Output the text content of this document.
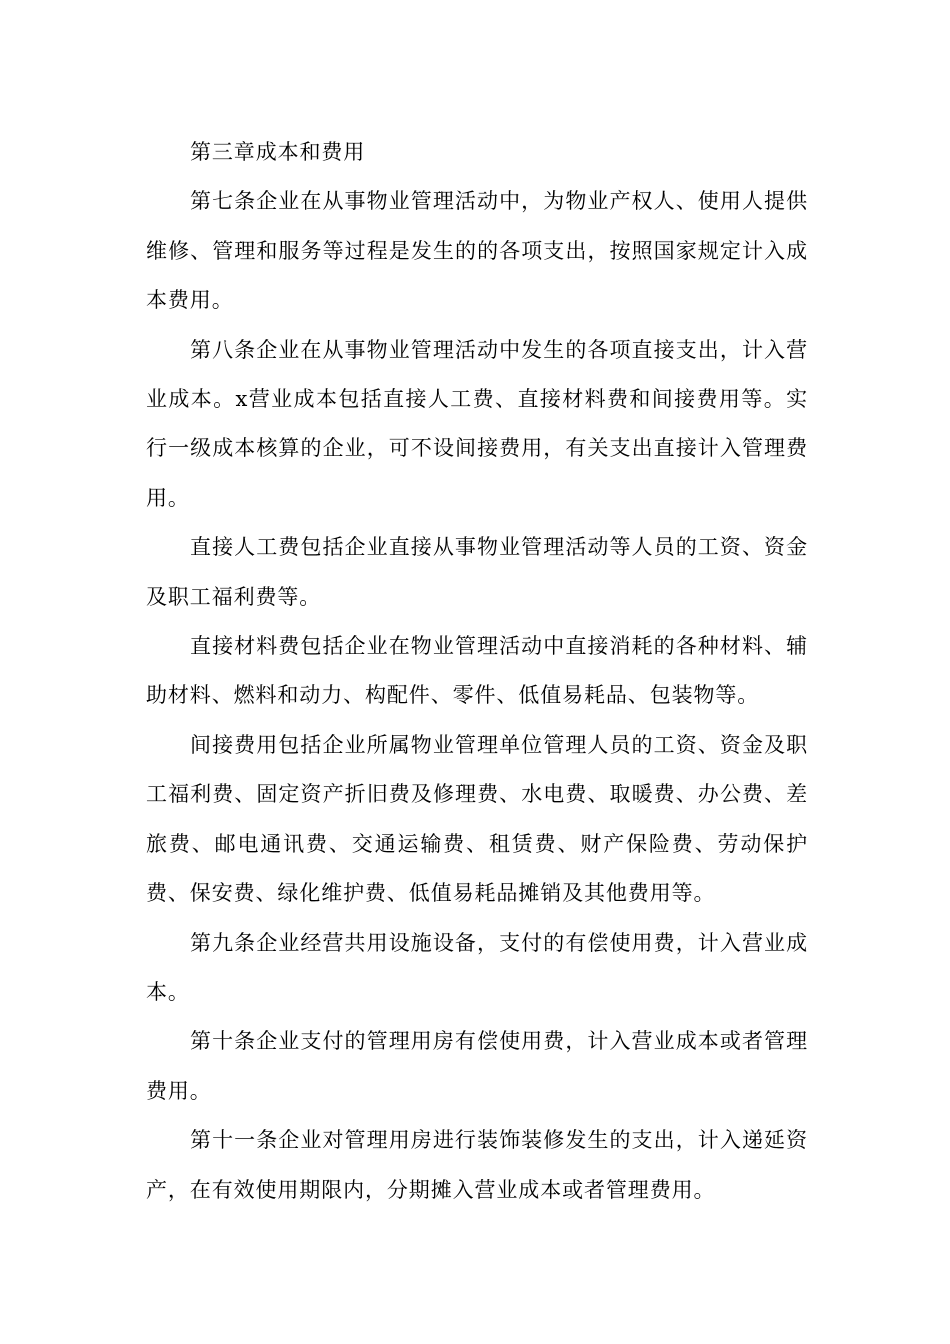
第三章成本和费用

第七条企业在从事物业管理活动中，为物业产权人、使用人提供维修、管理和服务等过程是发生的的各项支出，按照国家规定计入成本费用。

第八条企业在从事物业管理活动中发生的各项直接支出，计入营业成本。x营业成本包括直接人工费、直接材料费和间接费用等。实行一级成本核算的企业，可不设间接费用，有关支出直接计入管理费用。

直接人工费包括企业直接从事物业管理活动等人员的工资、资金及职工福利费等。

直接材料费包括企业在物业管理活动中直接消耗的各种材料、辅助材料、燃料和动力、构配件、零件、低值易耗品、包装物等。

间接费用包括企业所属物业管理单位管理人员的工资、资金及职工福利费、固定资产折旧费及修理费、水电费、取暖费、办公费、差旅费、邮电通讯费、交通运输费、租赁费、财产保险费、劳动保护费、保安费、绿化维护费、低值易耗品摊销及其他费用等。

第九条企业经营共用设施设备，支付的有偿使用费，计入营业成本。

第十条企业支付的管理用房有偿使用费，计入营业成本或者管理费用。

第十一条企业对管理用房进行装饰装修发生的支出，计入递延资产，在有效使用期限内，分期摊入营业成本或者管理费用。
